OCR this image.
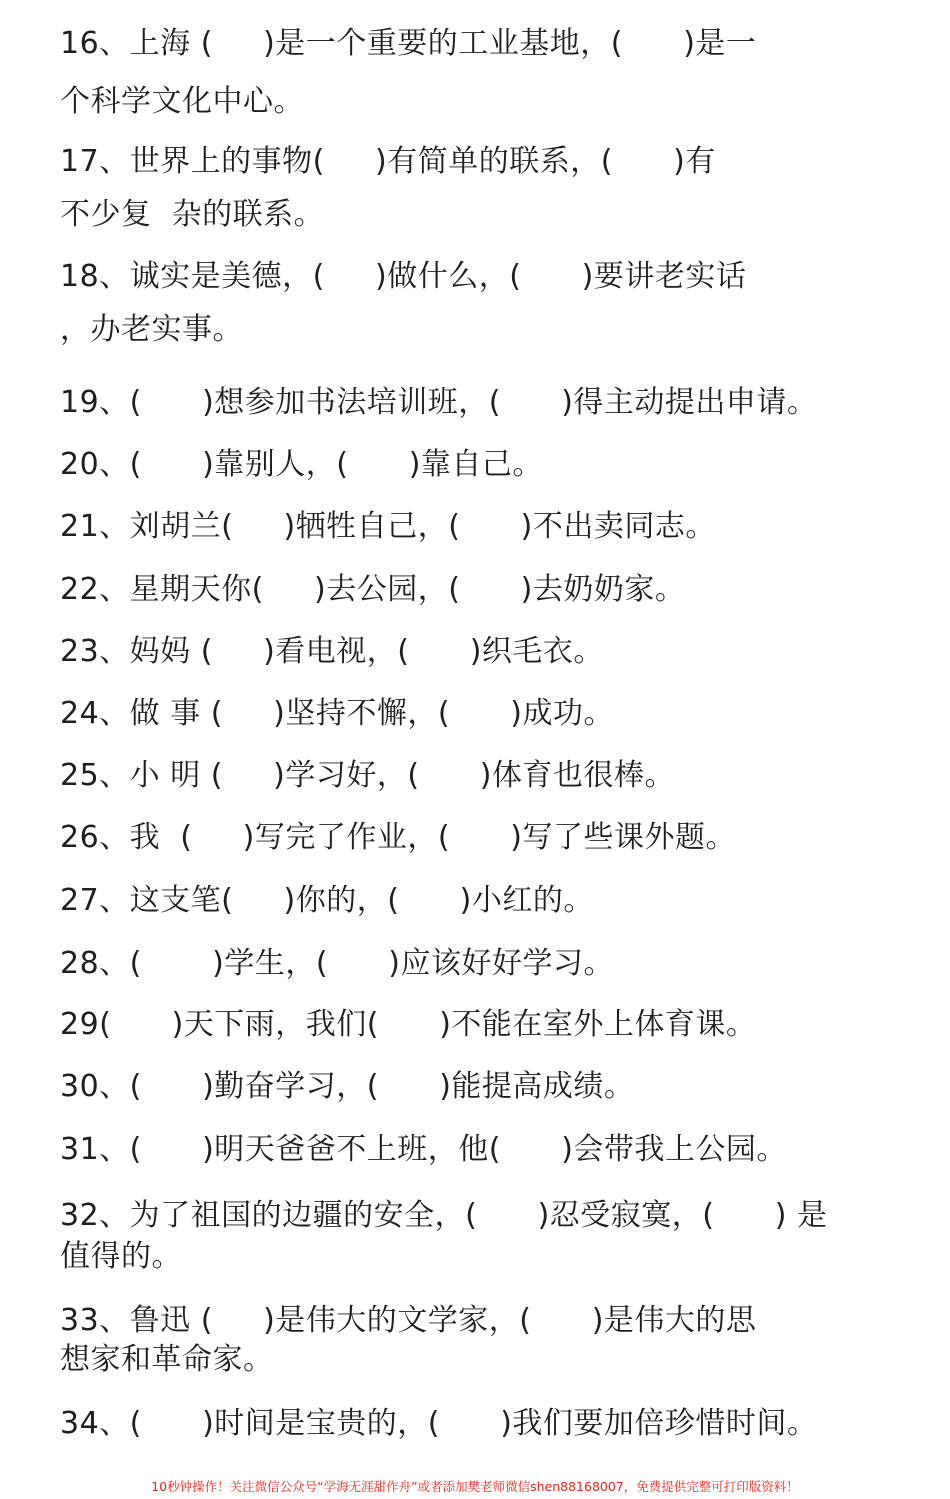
16、上海 (     )是一个重要的工业基地，(      )是一
个科学文化中心。
17、世界上的事物(     )有简单的联系，(      )有
不少复  杂的联系。
18、诚实是美德，(     )做什么，(      )要讲老实话
，办老实事。
19、(      )想参加书法培训班，(      )得主动提出申请。
20、(      )靠别人，(      )靠自己。
21、刘胡兰(     )牺牲自己，(      )不出卖同志。
22、星期天你(     )去公园，(      )去奶奶家。
23、妈妈 (     )看电视，(      )织毛衣。
24、做 事 (     )坚持不懈，(      )成功。
25、小 明 (     )学习好，(      )体育也很棒。
26、我  (     )写完了作业，(      )写了些课外题。
27、这支笔(     )你的，(      )小红的。
28、(       )学生，(      )应该好好学习。
29(      )天下雨，我们(      )不能在室外上体育课。
30、(      )勤奋学习，(      )能提高成绩。
31、(      )明天爸爸不上班，他(      )会带我上公园。
32、为了祖国的边疆的安全，(      )忍受寂寞，(      ) 是
值得的。
33、鲁迅 (     )是伟大的文学家，(      )是伟大的思
想家和革命家。
34、(      )时间是宝贵的，(      )我们要加倍珍惜时间。
10秒钟操作！关注微信公众号“学海无涯甜作舟”或者添加樊老师微信shen88168007，免费提供完整可打印版资料！
